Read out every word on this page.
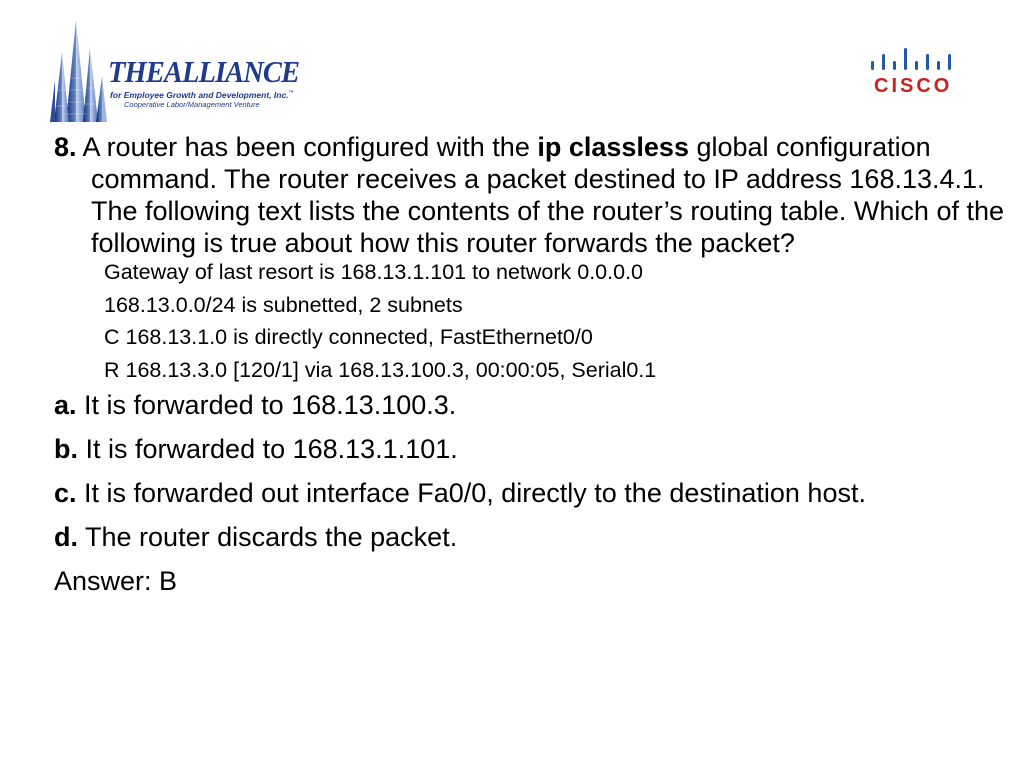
THEALLIANCE
for Employee Growth and Development, Inc.™
Cooperative Labor/Management Venture
CISCO

8. A router has been configured with the ip classless global configuration command. The router receives a packet destined to IP address 168.13.4.1. The following text lists the contents of the router’s routing table. Which of the following is true about how this router forwards the packet?

Gateway of last resort is 168.13.1.101 to network 0.0.0.0
168.13.0.0/24 is subnetted, 2 subnets
C 168.13.1.0 is directly connected, FastEthernet0/0
R 168.13.3.0 [120/1] via 168.13.100.3, 00:00:05, Serial0.1

a. It is forwarded to 168.13.100.3.

b. It is forwarded to 168.13.1.101.

c. It is forwarded out interface Fa0/0, directly to the destination host.

d. The router discards the packet.

Answer: B
